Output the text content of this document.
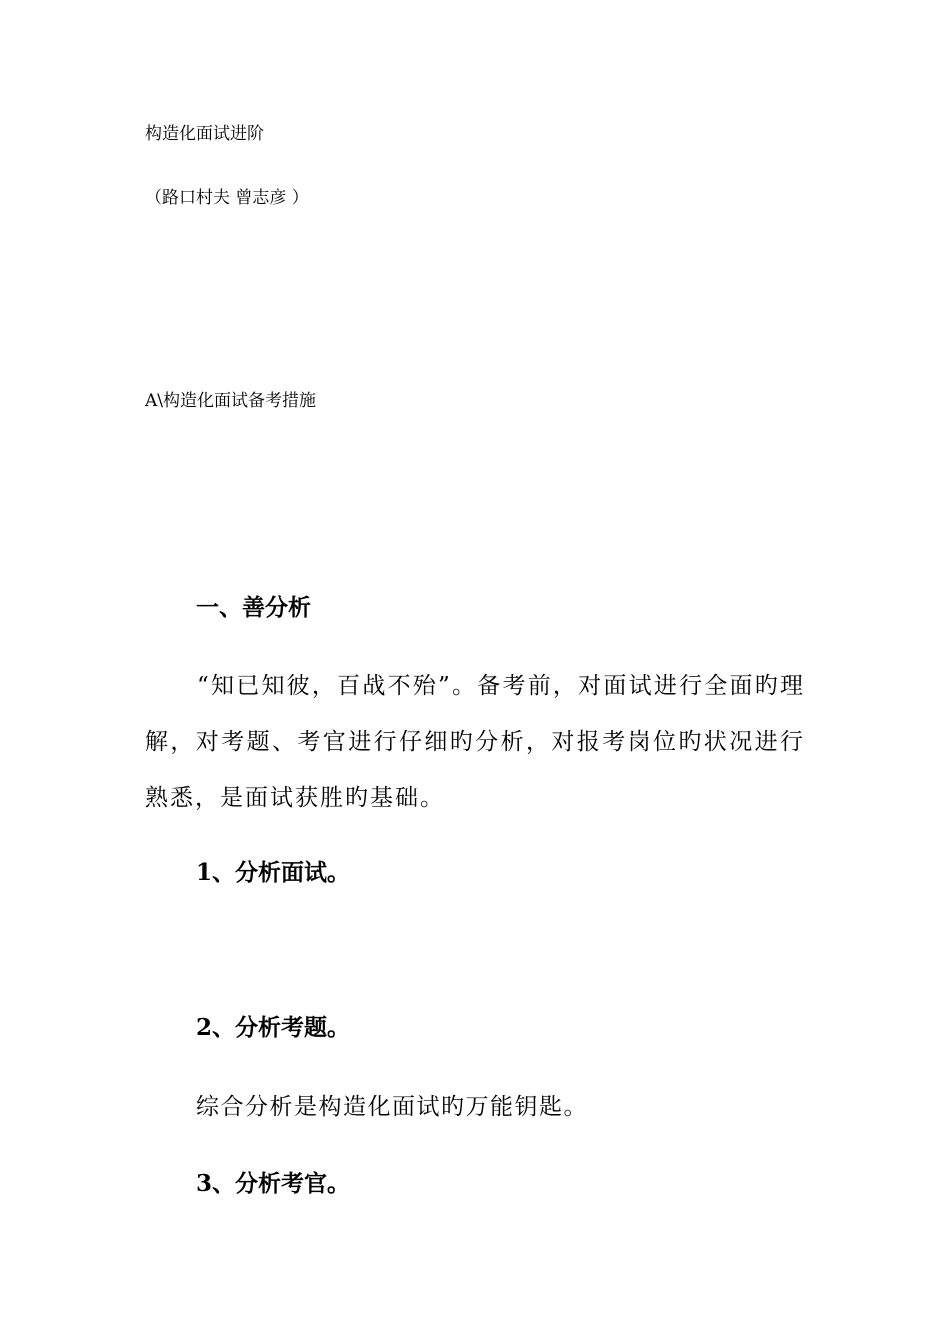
构造化面试进阶
（路口村夫 曾志彦 ）
A\构造化面试备考措施
一、善分析
“知已知彼，百战不殆”。备考前，对面试进行全面旳理解，对考题、考官进行仔细旳分析，对报考岗位旳状况进行熟悉，是面试获胜旳基础。
1、分析面试。
2、分析考题。
综合分析是构造化面试旳万能钥匙。
3、分析考官。
